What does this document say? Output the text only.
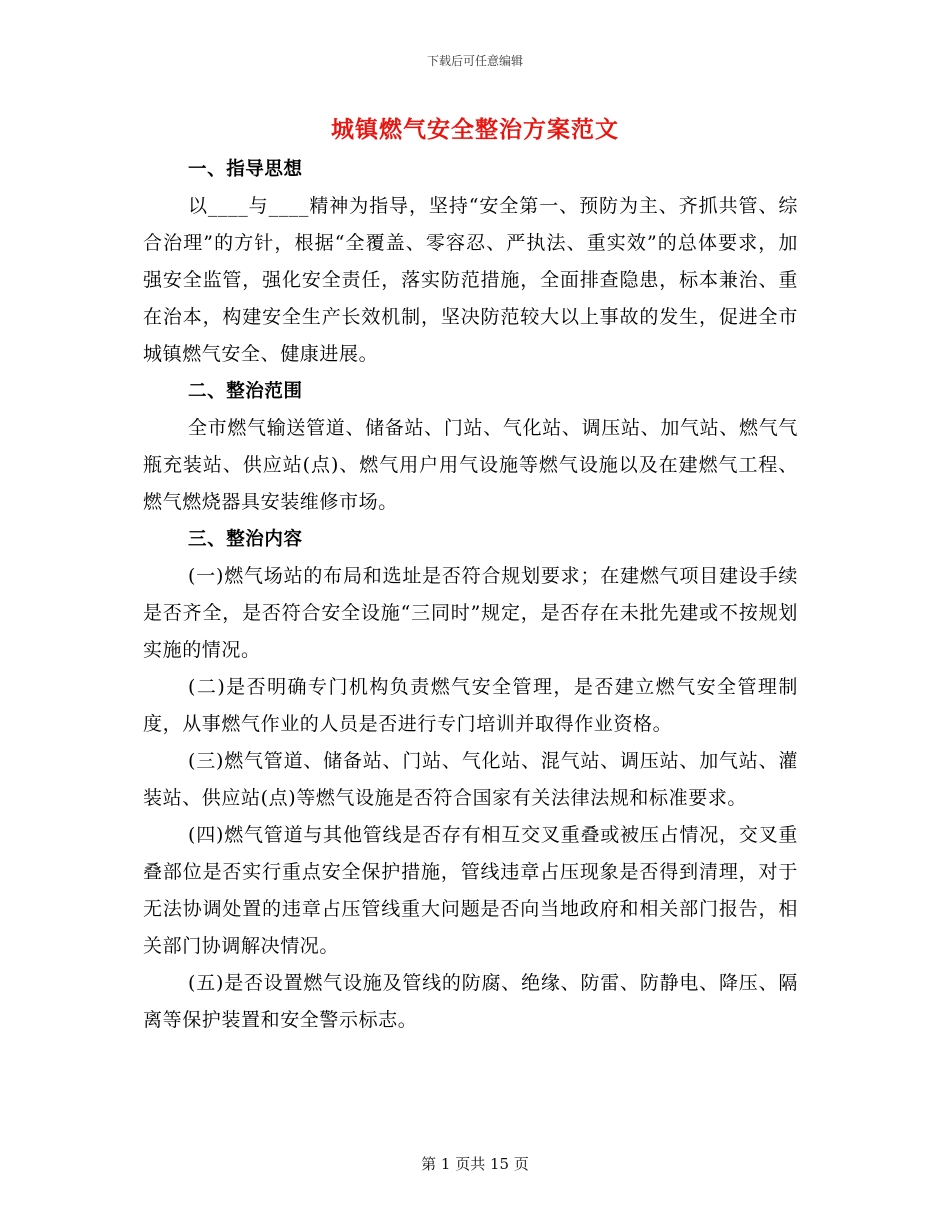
下载后可任意编辑
城镇燃气安全整治方案范文

一、指导思想

以____与____精神为指导，坚持“安全第一、预防为主、齐抓共管、综合治理”的方针，根据“全覆盖、零容忍、严执法、重实效”的总体要求，加强安全监管，强化安全责任，落实防范措施，全面排查隐患，标本兼治、重在治本，构建安全生产长效机制，坚决防范较大以上事故的发生，促进全市城镇燃气安全、健康进展。

二、整治范围

全市燃气输送管道、储备站、门站、气化站、调压站、加气站、燃气气瓶充装站、供应站(点)、燃气用户用气设施等燃气设施以及在建燃气工程、燃气燃烧器具安装维修市场。

三、整治内容

(一)燃气场站的布局和选址是否符合规划要求；在建燃气项目建设手续是否齐全，是否符合安全设施“三同时”规定，是否存在未批先建或不按规划实施的情况。

(二)是否明确专门机构负责燃气安全管理，是否建立燃气安全管理制度，从事燃气作业的人员是否进行专门培训并取得作业资格。

(三)燃气管道、储备站、门站、气化站、混气站、调压站、加气站、灌装站、供应站(点)等燃气设施是否符合国家有关法律法规和标准要求。

(四)燃气管道与其他管线是否存有相互交叉重叠或被压占情况，交叉重叠部位是否实行重点安全保护措施，管线违章占压现象是否得到清理，对于无法协调处置的违章占压管线重大问题是否向当地政府和相关部门报告，相关部门协调解决情况。

(五)是否设置燃气设施及管线的防腐、绝缘、防雷、防静电、降压、隔离等保护装置和安全警示标志。

第 1 页共 15 页
